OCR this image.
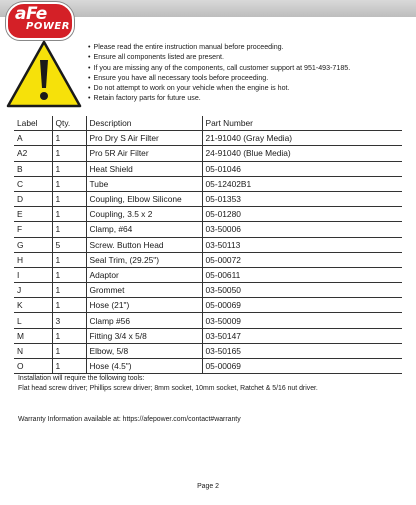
aFe
POWER
• Please read the entire instruction manual before proceeding.
• Ensure all components listed are present.
• If you are missing any of the components, call customer support at 951-493-7185.
• Ensure you have all necessary tools before proceeding.
• Do not attempt to work on your vehicle when the engine is hot.
• Retain factory parts for future use.
Label	Qty.	Description	Part Number
A	1	Pro Dry S Air Filter	21-91040 (Gray Media)
A2	1	Pro 5R Air Filter	24-91040 (Blue Media)
B	1	Heat Shield	05-01046
C	1	Tube	05-12402B1
D	1	Coupling, Elbow Silicone	05-01353
E	1	Coupling, 3.5 x 2	05-01280
F	1	Clamp, #64	03-50006
G	5	Screw. Button Head	03-50113
H	1	Seal Trim, (29.25")	05-00072
I	1	Adaptor	05-00611
J	1	Grommet	03-50050
K	1	Hose (21")	05-00069
L	3	Clamp #56	03-50009
M	1	Fitting 3/4 x 5/8	03-50147
N	1	Elbow, 5/8	03-50165
O	1	Hose (4.5")	05-00069
Installation will require the following tools:
Flat head screw driver; Phillips screw driver; 8mm socket, 10mm socket, Ratchet & 5/16 nut driver.
Warranty Information available at: https://afepower.com/contact#warranty
Page 2
